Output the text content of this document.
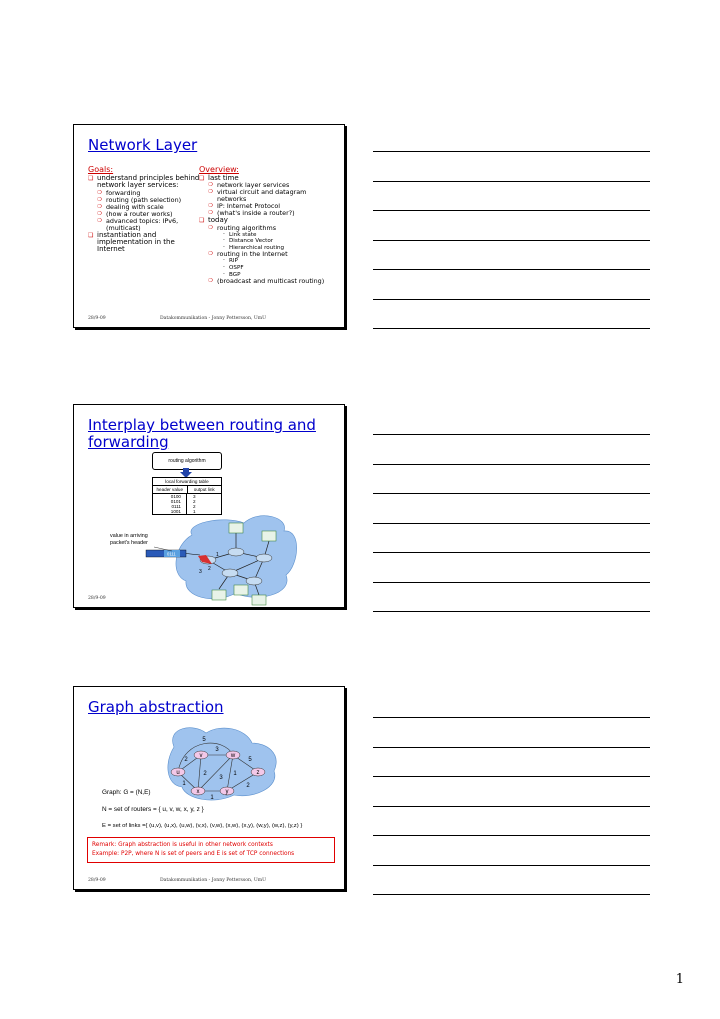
Network Layer
Goals:
❏ understand principles behind network layer services:
❍ forwarding
❍ routing (path selection)
❍ dealing with scale
❍ (how a router works)
❍ advanced topics: IPv6, (multicast)
❏ instantiation and implementation in the Internet
Overview:
❏ last time
❍ network layer services
❍ virtual circuit and datagram networks
❍ IP: Internet Protocol
❍ (what's inside a router?)
❏ today
❍ routing algorithms
· Link state
· Distance Vector
· Hierarchical routing
❍ routing in the Internet
· RIP
· OSPF
· BGP
❍ (broadcast and multicast routing)
28/9-09	Datakommunikation - Jonny Pettersson, UmU
Interplay between routing and forwarding
routing algorithm
local forwarding table
header value	output link
0100	3
0101	2
0111	2
1001	1
value in arriving
packet's header
0111	1
2
3
28/9-09
Graph abstraction
u
v	w
x	y
z
2
3
5
1
2
3
1
1
5
2
Graph: G = (N,E)
N = set of routers = { u, v, w, x, y, z }
E = set of links ={ (u,v), (u,x), (u,w), (v,x), (v,w), (x,w), (x,y), (w,y), (w,z), (y,z) }
Remark: Graph abstraction is useful in other network contexts
Example: P2P, where N is set of peers and E is set of TCP connections
28/9-09	Datakommunikation - Jonny Pettersson, UmU
1
